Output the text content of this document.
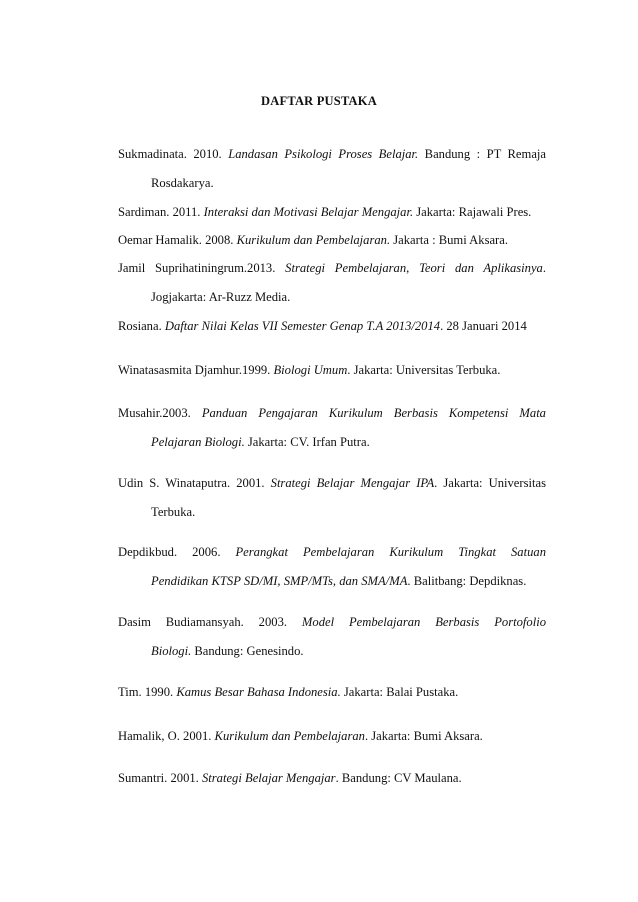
DAFTAR PUSTAKA
Sukmadinata. 2010. Landasan Psikologi Proses Belajar. Bandung : PT Remaja
Rosdakarya.
Sardiman. 2011. Interaksi dan Motivasi Belajar Mengajar. Jakarta: Rajawali Pres.
Oemar Hamalik. 2008. Kurikulum dan Pembelajaran. Jakarta : Bumi Aksara.
Jamil Suprihatiningrum.2013. Strategi Pembelajaran, Teori dan Aplikasinya.
Jogjakarta: Ar-Ruzz Media.
Rosiana. Daftar Nilai Kelas VII Semester Genap T.A 2013/2014. 28 Januari 2014
Winatasasmita Djamhur.1999. Biologi Umum. Jakarta: Universitas Terbuka.
Musahir.2003. Panduan Pengajaran Kurikulum Berbasis Kompetensi Mata
Pelajaran Biologi. Jakarta: CV. Irfan Putra.
Udin S. Winataputra. 2001. Strategi Belajar Mengajar IPA. Jakarta: Universitas
Terbuka.
Depdikbud. 2006. Perangkat Pembelajaran Kurikulum Tingkat Satuan
Pendidikan KTSP SD/MI, SMP/MTs, dan SMA/MA. Balitbang: Depdiknas.
Dasim Budiamansyah. 2003. Model Pembelajaran Berbasis Portofolio
Biologi. Bandung: Genesindo.
Tim. 1990. Kamus Besar Bahasa Indonesia. Jakarta: Balai Pustaka.
Hamalik, O. 2001. Kurikulum dan Pembelajaran. Jakarta: Bumi Aksara.
Sumantri. 2001. Strategi Belajar Mengajar. Bandung: CV Maulana.
